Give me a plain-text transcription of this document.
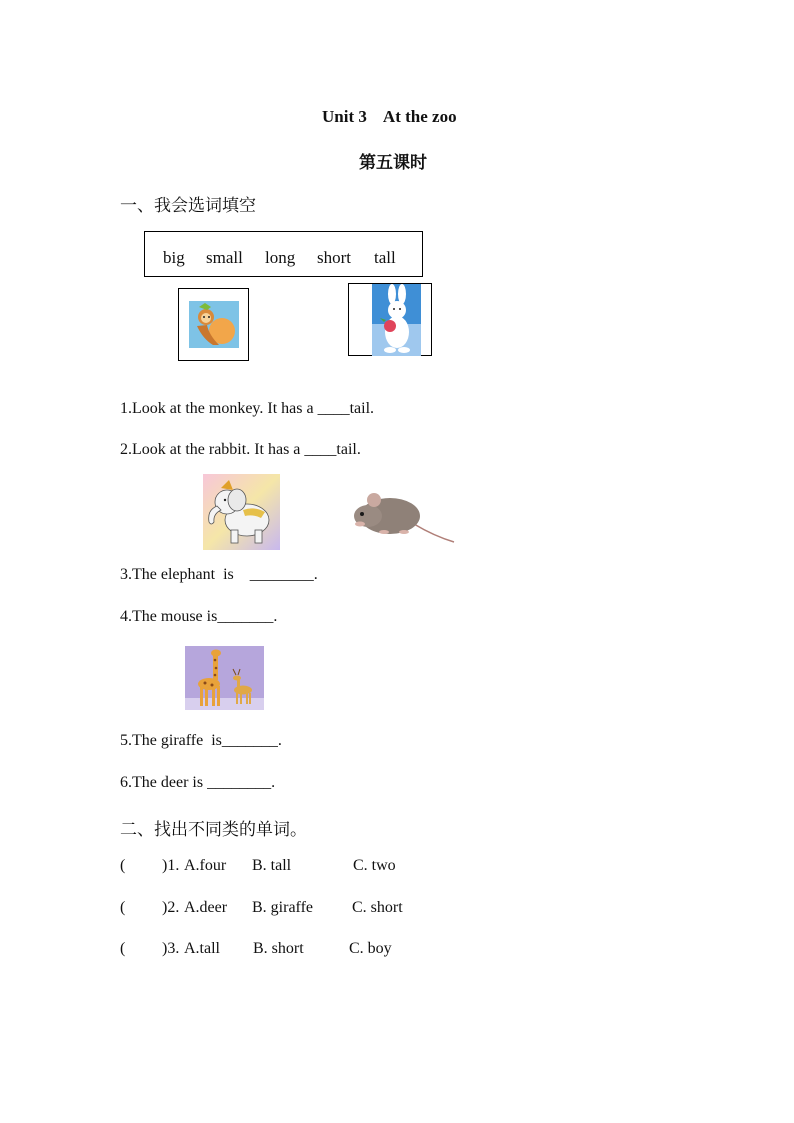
Unit 3    At the zoo
第五课时
一、我会选词填空
big small long short tall
1.Look at the monkey. It has a ____tail.
2.Look at the rabbit. It has a ____tail.
3.The elephant  is    ________.
4.The mouse is_______.
5.The giraffe  is_______.
6.The deer is ________.
二、找出不同类的单词。
( )1. A.four B. tall	C. two
( )2. A.deer B. giraffe C. short
( )3. A.tall B. short	C. boy
